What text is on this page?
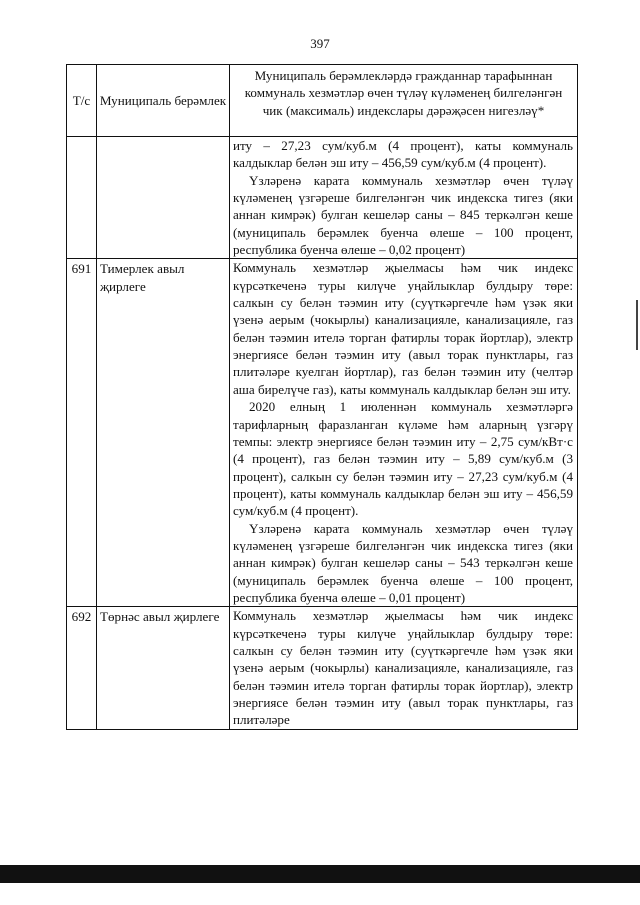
397
Т/с	Муниципаль берәмлек	Муниципаль берәмлекләрдә гражданнар тарафыннан коммуналь хезмәтләр өчен түләү күләменең билгеләнгән чик (максималь) индекслары дәрәҗәсен нигезләү*

		иту – 27,23 сум/куб.м (4 процент), каты коммуналь калдыклар белән эш иту – 456,59 сум/куб.м (4 процент).

Үзләренә карата коммуналь хезмәтләр өчен түләү күләменең үзгәреше билгеләнгән чик индекска тигез (яки аннан кимрәк) булган кешеләр саны – 845 теркәлгән кеше (муниципаль берәмлек буенча өлеше – 100 процент, республика буенча өлеше – 0,02 процент)

691	Тимерлек авыл җирлеге	Коммуналь хезмәтләр җыелмасы һәм чик индекс күрсәткеченә туры килүче уңайлыклар булдыру төре: салкын су белән тәэмин иту (суүткәргечле һәм үзәк яки үзенә аерым (чокырлы) канализацияле, канализацияле, газ белән тәэмин ителә торган фатирлы торак йортлар), электр энергиясе белән тәэмин иту (авыл торак пунктлары, газ плитәләре куелган йортлар), газ белән тәэмин иту (челтәр аша бирелүче газ), каты коммуналь калдыклар белән эш иту.

2020 елның 1 июленнән коммуналь хезмәтләргә тарифларның фаразланган күләме һәм аларның үзгәрү темпы: электр энергиясе белән тәэмин иту – 2,75 сум/кВт·с (4 процент), газ белән тәэмин иту – 5,89 сум/куб.м (3 процент), салкын су белән тәэмин иту – 27,23 сум/куб.м (4 процент), каты коммуналь калдыклар белән эш иту – 456,59 сум/куб.м (4 процент).

Үзләренә карата коммуналь хезмәтләр өчен түләү күләменең үзгәреше билгеләнгән чик индекска тигез (яки аннан кимрәк) булган кешеләр саны – 543 теркәлгән кеше (муниципаль берәмлек буенча өлеше – 100 процент, республика буенча өлеше – 0,01 процент)

692	Төрнәс авыл җирлеге	Коммуналь хезмәтләр җыелмасы һәм чик индекс күрсәткеченә туры килүче уңайлыклар булдыру төре: салкын су белән тәэмин иту (суүткәргечле һәм үзәк яки үзенә аерым (чокырлы) канализацияле, канализацияле, газ белән тәэмин ителә торган фатирлы торак йортлар), электр энергиясе белән тәэмин иту (авыл торак пунктлары, газ плитәләре
